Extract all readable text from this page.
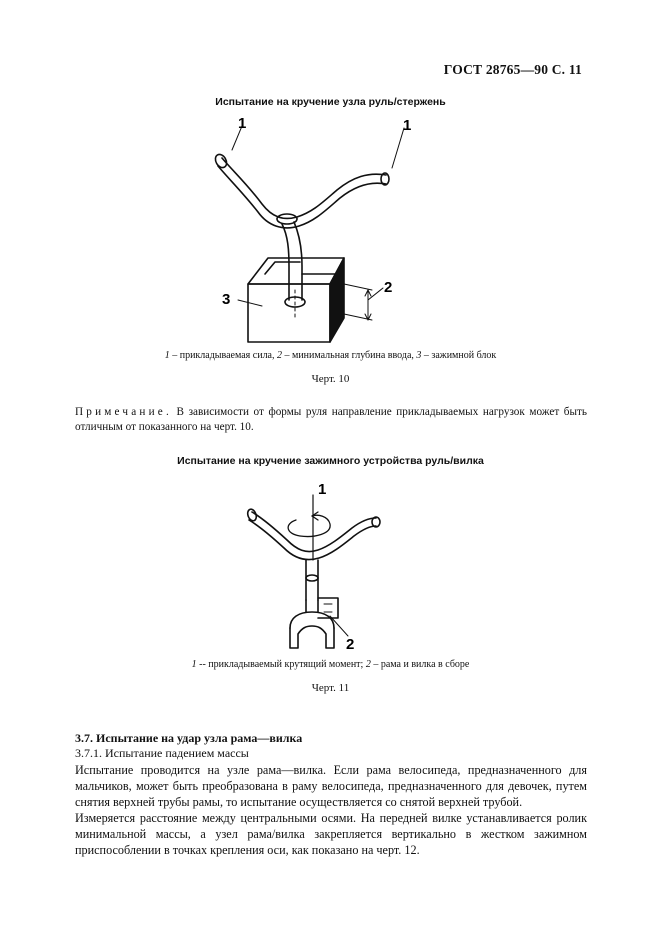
ГОСТ 28765—90 С. 11
Испытание на кручение узла руль/стержень
1	1
2
3
1 – прикладываемая сила, 2 – минимальная глубина ввода, 3 – зажимной блок
Черт. 10
Примечание. В зависимости от формы руля направление прикладываемых нагрузок может быть отличным от показанного на черт. 10.
Испытание на кручение зажимного устройства руль/вилка
1
2
1 -- прикладываемый крутящий момент; 2 – рама и вилка в сборе
Черт. 11
3.7. Испытание на удар узла рама—вилка
3.7.1. Испытание падением массы
Испытание проводится на узле рама—вилка. Если рама велосипеда, предназначенного для мальчиков, может быть преобразована в раму велосипеда, предназначенного для девочек, путем снятия верхней трубы рамы, то испытание осуществляется со снятой верхней трубой.
Измеряется расстояние между центральными осями. На передней вилке устанавливается ролик минимальной массы, а узел рама/вилка закрепляется вертикально в жестком зажимном приспособлении в точках крепления оси, как показано на черт. 12.
